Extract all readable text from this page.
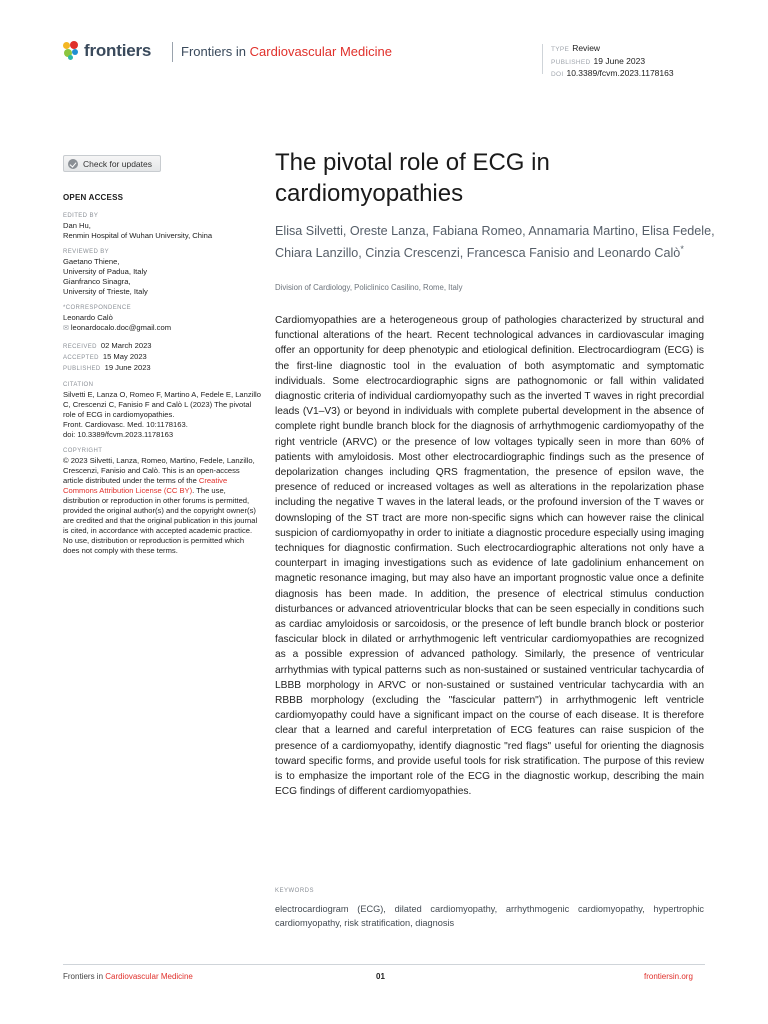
frontiers Frontiers in Cardiovascular Medicine	TYPE Review
PUBLISHED 19 June 2023
DOI 10.3389/fcvm.2023.1178163
Check for updates
OPEN ACCESS
EDITED BY
Dan Hu,
Renmin Hospital of Wuhan University, China
REVIEWED BY
Gaetano Thiene,
University of Padua, Italy
Gianfranco Sinagra,
University of Trieste, Italy
*CORRESPONDENCE
Leonardo Calò
✉ leonardocalo.doc@gmail.com
RECEIVED 02 March 2023
ACCEPTED 15 May 2023
PUBLISHED 19 June 2023
CITATION
Silvetti E, Lanza O, Romeo F, Martino A, Fedele E, Lanzillo C, Crescenzi C, Fanisio F and Calò L (2023) The pivotal role of ECG in cardiomyopathies.
Front. Cardiovasc. Med. 10:1178163.
doi: 10.3389/fcvm.2023.1178163
COPYRIGHT
© 2023 Silvetti, Lanza, Romeo, Martino, Fedele, Lanzillo, Crescenzi, Fanisio and Calò. This is an open-access article distributed under the terms of the Creative Commons Attribution License (CC BY). The use, distribution or reproduction in other forums is permitted, provided the original author(s) and the copyright owner(s) are credited and that the original publication in this journal is cited, in accordance with accepted academic practice. No use, distribution or reproduction is permitted which does not comply with these terms.
The pivotal role of ECG in cardiomyopathies
Elisa Silvetti, Oreste Lanza, Fabiana Romeo, Annamaria Martino, Elisa Fedele, Chiara Lanzillo, Cinzia Crescenzi, Francesca Fanisio and Leonardo Calò*
Division of Cardiology, Policlinico Casilino, Rome, Italy

Cardiomyopathies are a heterogeneous group of pathologies characterized by structural and functional alterations of the heart. Recent technological advances in cardiovascular imaging offer an opportunity for deep phenotypic and etiological definition. Electrocardiogram (ECG) is the first-line diagnostic tool in the evaluation of both asymptomatic and symptomatic individuals. Some electrocardiographic signs are pathognomonic or fall within validated diagnostic criteria of individual cardiomyopathy such as the inverted T waves in right precordial leads (V1–V3) or beyond in individuals with complete pubertal development in the absence of complete right bundle branch block for the diagnosis of arrhythmogenic cardiomyopathy of the right ventricle (ARVC) or the presence of low voltages typically seen in more than 60% of patients with amyloidosis. Most other electrocardiographic findings such as the presence of depolarization changes including QRS fragmentation, the presence of epsilon wave, the presence of reduced or increased voltages as well as alterations in the repolarization phase including the negative T waves in the lateral leads, or the profound inversion of the T waves or downsloping of the ST tract are more non-specific signs which can however raise the clinical suspicion of cardiomyopathy in order to initiate a diagnostic procedure especially using imaging techniques for diagnostic confirmation. Such electrocardiographic alterations not only have a counterpart in imaging investigations such as evidence of late gadolinium enhancement on magnetic resonance imaging, but may also have an important prognostic value once a definite diagnosis has been made. In addition, the presence of electrical stimulus conduction disturbances or advanced atrioventricular blocks that can be seen especially in conditions such as cardiac amyloidosis or sarcoidosis, or the presence of left bundle branch block or posterior fascicular block in dilated or arrhythmogenic left ventricular cardiomyopathies are recognized as a possible expression of advanced pathology. Similarly, the presence of ventricular arrhythmias with typical patterns such as non-sustained or sustained ventricular tachycardia of LBBB morphology in ARVC or non-sustained or sustained ventricular tachycardia with an RBBB morphology (excluding the "fascicular pattern") in arrhythmogenic left ventricle cardiomyopathy could have a significant impact on the course of each disease. It is therefore clear that a learned and careful interpretation of ECG features can raise suspicion of the presence of a cardiomyopathy, identify diagnostic "red flags" useful for orienting the diagnosis toward specific forms, and provide useful tools for risk stratification. The purpose of this review is to emphasize the important role of the ECG in the diagnostic workup, describing the main ECG findings of different cardiomyopathies.

KEYWORDS

electrocardiogram (ECG), dilated cardiomyopathy, arrhythmogenic cardiomyopathy, hypertrophic cardiomyopathy, risk stratification, diagnosis

Frontiers in Cardiovascular Medicine	01	frontiersin.org
